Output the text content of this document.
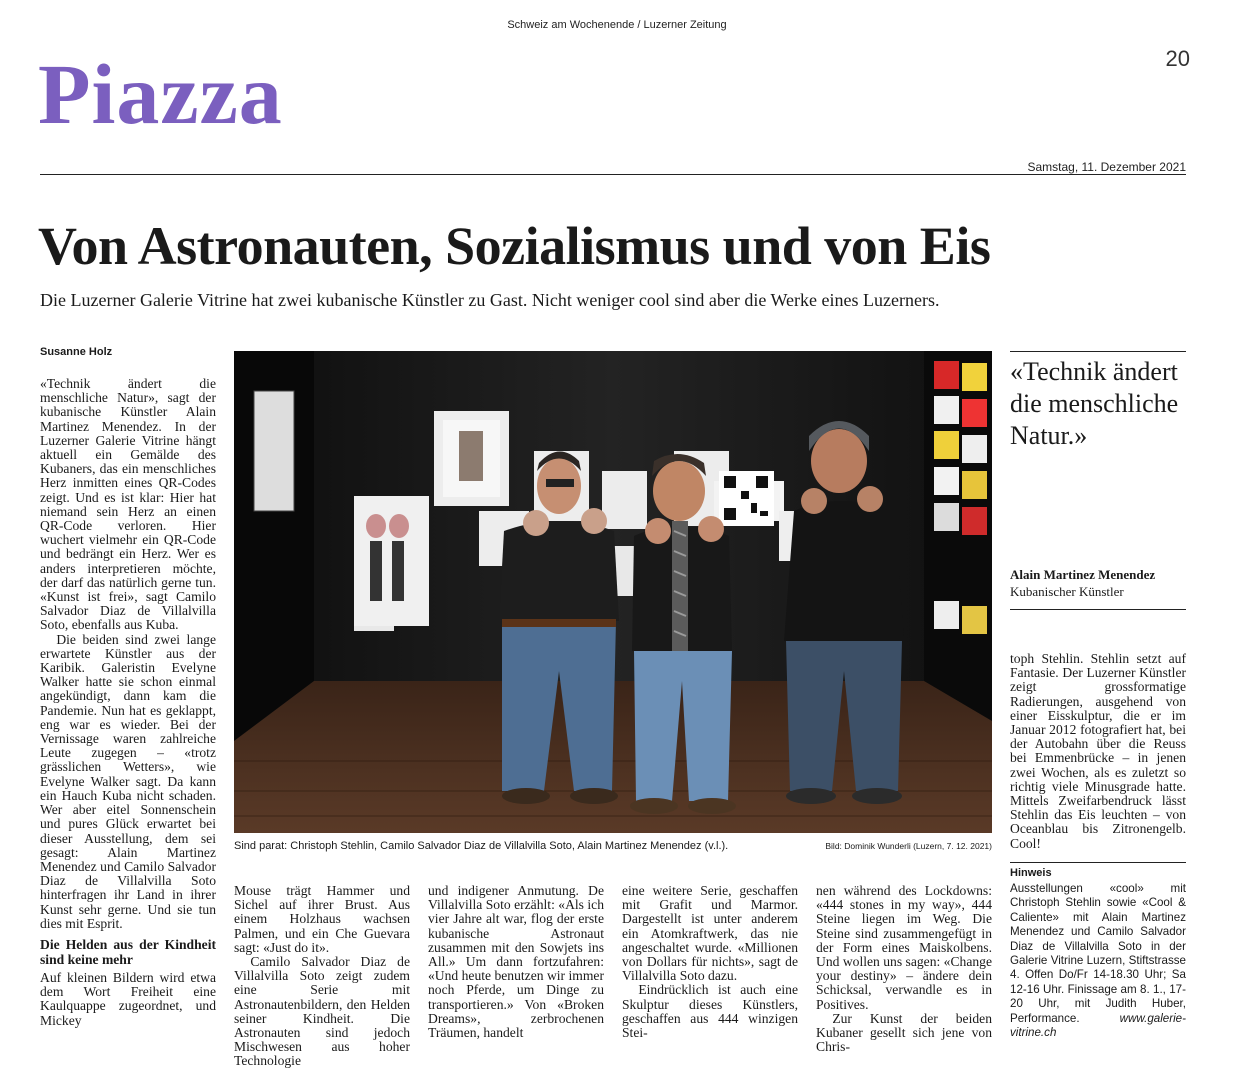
Schweiz am Wochenende / Luzerner Zeitung
20
Piazza
Samstag, 11. Dezember 2021
Von Astronauten, Sozialismus und von Eis
Die Luzerner Galerie Vitrine hat zwei kubanische Künstler zu Gast. Nicht weniger cool sind aber die Werke eines Luzerners.
Susanne Holz

«Technik ändert die menschliche Natur», sagt der kubanische Künstler Alain Martinez Menendez. In der Luzerner Galerie Vitrine hängt aktuell ein Gemälde des Kubaners, das ein menschliches Herz inmitten eines QR-Codes zeigt. Und es ist klar: Hier hat niemand sein Herz an einen QR-Code verloren. Hier wuchert vielmehr ein QR-Code und bedrängt ein Herz. Wer es anders interpretieren möchte, der darf das natürlich gerne tun. «Kunst ist frei», sagt Camilo Salvador Diaz de Villalvilla Soto, ebenfalls aus Kuba.

Die beiden sind zwei lange erwartete Künstler aus der Karibik. Galeristin Evelyne Walker hatte sie schon einmal angekündigt, dann kam die Pandemie. Nun hat es geklappt, eng war es wieder. Bei der Vernissage waren zahlreiche Leute zugegen – «trotz grässlichen Wetters», wie Evelyne Walker sagt. Da kann ein Hauch Kuba nicht schaden. Wer aber eitel Sonnenschein und pures Glück erwartet bei dieser Ausstellung, dem sei gesagt: Alain Martinez Menendez und Camilo Salvador Diaz de Villalvilla Soto hinterfragen ihr Land in ihrer Kunst sehr gerne. Und sie tun dies mit Esprit.

Die Helden aus der Kindheit sind keine mehr

Auf kleinen Bildern wird etwa dem Wort Freiheit eine Kaulquappe zugeordnet, und Mickey

Sind parat: Christoph Stehlin, Camilo Salvador Diaz de Villalvilla Soto, Alain Martinez Menendez (v.l.).	Bild: Dominik Wunderli (Luzern, 7. 12. 2021)

Mouse trägt Hammer und Sichel auf ihrer Brust. Aus einem Holzhaus wachsen Palmen, und ein Che Guevara sagt: «Just do it».

Camilo Salvador Diaz de Villalvilla Soto zeigt zudem eine Serie mit Astronautenbildern, den Helden seiner Kindheit. Die Astronauten sind jedoch Mischwesen aus hoher Technologie

und indigener Anmutung. De Villalvilla Soto erzählt: «Als ich vier Jahre alt war, flog der erste kubanische Astronaut zusammen mit den Sowjets ins All.» Um dann fortzufahren: «Und heute benutzen wir immer noch Pferde, um Dinge zu transportieren.» Von «Broken Dreams», zerbrochenen Träumen, handelt

eine weitere Serie, geschaffen mit Grafit und Marmor. Dargestellt ist unter anderem ein Atomkraftwerk, das nie angeschaltet wurde. «Millionen von Dollars für nichts», sagt de Villalvilla Soto dazu.

Eindrücklich ist auch eine Skulptur dieses Künstlers, geschaffen aus 444 winzigen Stei-

nen während des Lockdowns: «444 stones in my way», 444 Steine liegen im Weg. Die Steine sind zusammengefügt in der Form eines Maiskolbens. Und wollen uns sagen: «Change your destiny» – ändere dein Schicksal, verwandle es in Positives.

Zur Kunst der beiden Kubaner gesellt sich jene von Chris-

«Technik ändert die menschliche Natur.»
Alain Martinez Menendez
Kubanischer Künstler

toph Stehlin. Stehlin setzt auf Fantasie. Der Luzerner Künstler zeigt grossformatige Radierungen, ausgehend von einer Eisskulptur, die er im Januar 2012 fotografiert hat, bei der Autobahn über die Reuss bei Emmenbrücke – in jenen zwei Wochen, als es zuletzt so richtig viele Minusgrade hatte. Mittels Zweifarbendruck lässt Stehlin das Eis leuchten – von Oceanblau bis Zitronengelb. Cool!

Hinweis
Ausstellungen «cool» mit Christoph Stehlin sowie «Cool & Caliente» mit Alain Martinez Menendez und Camilo Salvador Diaz de Villalvilla Soto in der Galerie Vitrine Luzern, Stiftstrasse 4. Offen Do/Fr 14-18.30 Uhr; Sa 12-16 Uhr. Finissage am 8. 1., 17-20 Uhr, mit Judith Huber, Performance.	www.galerie-vitrine.ch
